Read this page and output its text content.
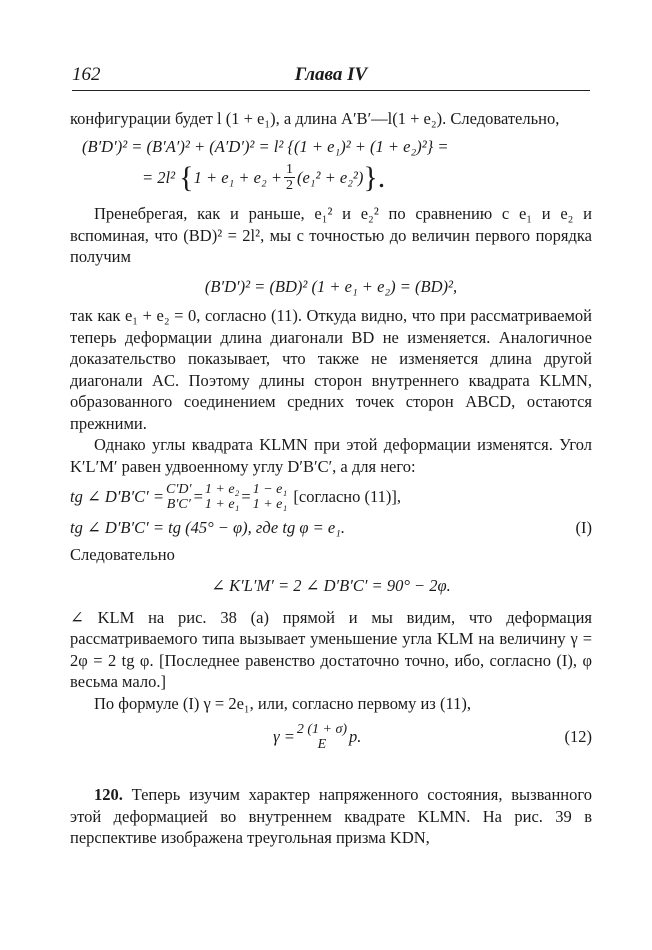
162	Глава IV

конфигурации будет l (1 + e₁), а длина A′B′—l(1 + e₂). Следовательно,

(B′D′)² = (B′A′)² + (A′D′)² = l² {(1 + e₁)² + (1 + e₂)²} =
= 2l²
{ $1 + e_1 + e_2 + \frac{1}{2} (e_1^2 + e_2^2)$ }.

Пренебрегая, как и раньше, e₁² и e₂² по сравнению с e₁ и e₂ и вспоминая, что (BD)² = 2l², мы с точностью до величин первого порядка получим

(B′D′)² = (BD)² (1 + e₁ + e₂) = (BD)²,

так как e₁ + e₂ = 0, согласно (11). Откуда видно, что при рассматриваемой теперь деформации длина диагонали BD не изменяется. Аналогичное доказательство показывает, что также не изменяется длина другой диагонали AC. Поэтому длины сторон внутреннего квадрата KLMN, образованного соединением средних точек сторон ABCD, остаются прежними.

Однако углы квадрата KLMN при этой деформации изменятся. Угол K′L′M′ равен удвоенному углу D′B′C′, а для него:

tg ∠ D′B′C′ = C′D′
B′C′ = 1 + e₂
1 + e₁ = 1 − e₁
1 + e₁
[согласно (11)],
tg ∠ D′B′C′ = tg (45° − φ), где tg φ = e₁.	(I)

Следовательно

∠ K′L′M′ = 2 ∠ D′B′C′ = 90° − 2φ.

∠ KLM на рис. 38 (a) прямой и мы видим, что деформация рассматриваемого типа вызывает уменьшение угла KLM на величину γ = 2φ = 2 tg φ. [Последнее равенство достаточно точно, ибо, согласно (I), φ весьма мало.]

По формуле (I) γ = 2e₁, или, согласно первому из (11),

γ = 2 (1 + σ)
E p.	(12)

120. Теперь изучим характер напряженного состояния, вызванного этой деформацией во внутреннем квадрате KLMN. На рис. 39 в перспективе изображена треугольная призма KDN,
